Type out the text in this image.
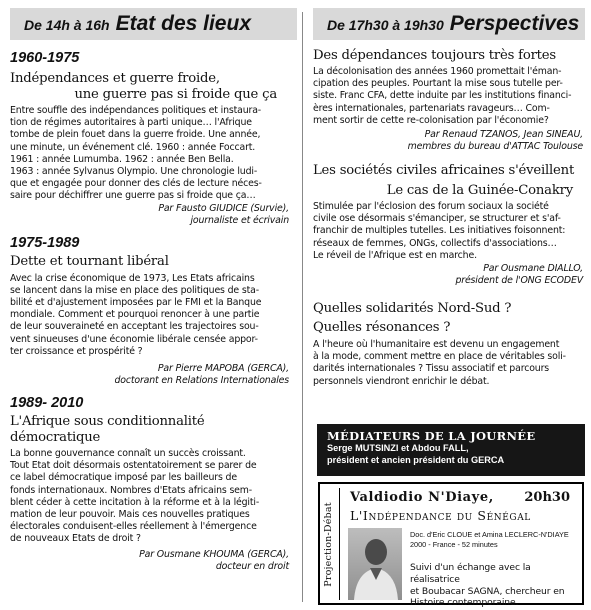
De 14h à 16h Etat des lieux
1960-1975
Indépendances et guerre froide,
une guerre pas si froide que ça
Entre souffle des indépendances politiques et instaura-
tion de régimes autoritaires à parti unique… l'Afrique
tombe de plein fouet dans la guerre froide. Une année,
une minute, un événement clé. 1960 : année Foccart.
1961 : année Lumumba. 1962 : année Ben Bella.
1963 : année Sylvanus Olympio. Une chronologie ludi-
que et engagée pour donner des clés de lecture néces-
saire pour déchiffrer une guerre pas si froide que ça…
Par Fausto GIUDICE (Survie),
journaliste et écrivain
1975-1989
Dette et tournant libéral
Avec la crise économique de 1973, Les Etats africains
se lancent dans la mise en place des politiques de sta-
bilité et d'ajustement imposées par le FMI et la Banque
mondiale. Comment et pourquoi renoncer à une partie
de leur souveraineté en acceptant les trajectoires sou-
vent sinueuses d'une économie libérale censée appor-
ter croissance et prospérité ?
Par Pierre MAPOBA (GERCA),
doctorant en Relations Internationales
1989- 2010
L'Afrique sous conditionnalité démocratique
La bonne gouvernance connaît un succès croissant.
Tout Etat doit désormais ostentatoirement se parer de
ce label démocratique imposé par les bailleurs de
fonds internationaux. Nombres d'Etats africains sem-
blent céder à cette incitation à la réforme et à la légiti-
mation de leur pouvoir. Mais ces nouvelles pratiques
électorales conduisent-elles réellement à l'émergence
de nouveaux Etats de droit ?
Par Ousmane KHOUMA (GERCA),
docteur en droit
De 17h30 à 19h30 Perspectives
Des dépendances toujours très fortes
La décolonisation des années 1960 promettait l'éman-
cipation des peuples. Pourtant la mise sous tutelle per-
siste. Franc CFA, dette induite par les institutions financi-
ères internationales, partenariats ravageurs… Com-
ment sortir de cette re-colonisation par l'économie?
Par Renaud TZANOS, Jean SINEAU,
membres du bureau d'ATTAC Toulouse
Les sociétés civiles africaines s'éveillent
Le cas de la Guinée-Conakry
Stimulée par l'éclosion des forum sociaux la société
civile ose désormais s'émanciper, se structurer et s'af-
franchir de multiples tutelles. Les initiatives foisonnent:
réseaux de femmes, ONGs, collectifs d'associations…
Le réveil de l'Afrique est en marche.
Par Ousmane DIALLO,
président de l'ONG ECODEV
Quelles solidarités Nord-Sud ?
Quelles résonances ?
A l'heure où l'humanitaire est devenu un engagement
à la mode, comment mettre en place de véritables soli-
darités internationales ? Tissu associatif et parcours
personnels viendront enrichir le débat.
MÉDIATEURS DE LA JOURNÉE
Serge MUTSINZI et Abdou FALL,
président et ancien président du GERCA
Projection-Débat
Valdiodio N'Diaye, 20h30
L'Indépendance du Sénégal
Doc. d'Eric CLOUE et Amina LECLERC-N'DIAYE
2000 - France - 52 minutes
Suivi d'un échange avec la réalisatrice
et Boubacar SAGNA, chercheur en
Histoire contemporaine.
